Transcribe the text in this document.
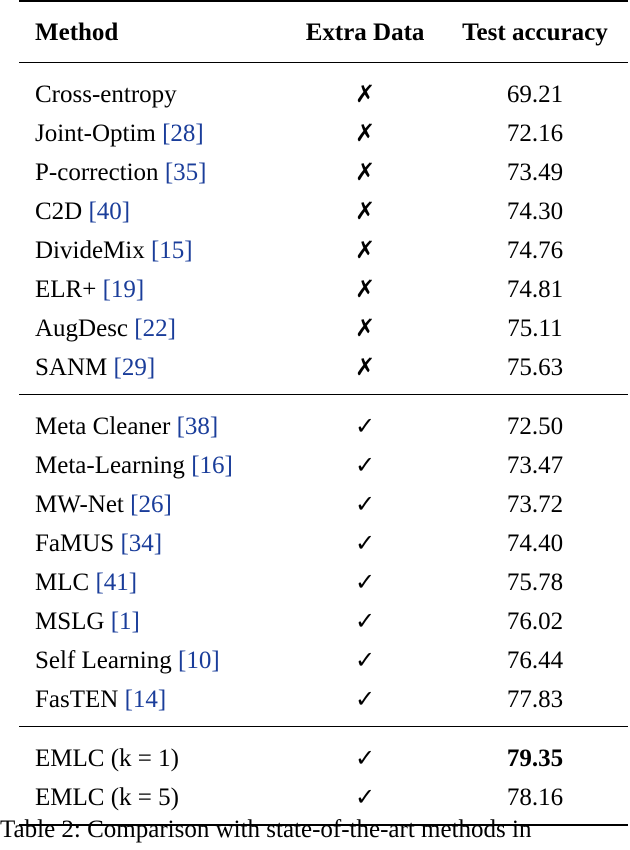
Method	Extra Data	Test accuracy
Cross-entropy	✗	69.21
Joint-Optim [28]	✗	72.16
P-correction [35]	✗	73.49
C2D [40]	✗	74.30
DivideMix [15]	✗	74.76
ELR+ [19]	✗	74.81
AugDesc [22]	✗	75.11
SANM [29]	✗	75.63
Meta Cleaner [38]	✓	72.50
Meta-Learning [16]	✓	73.47
MW-Net [26]	✓	73.72
FaMUS [34]	✓	74.40
MLC [41]	✓	75.78
MSLG [1]	✓	76.02
Self Learning [10]	✓	76.44
FasTEN [14]	✓	77.83
EMLC (k = 1)	✓	79.35
EMLC (k = 5)	✓	78.16
Table 2: Comparison with state-of-the-art methods in
